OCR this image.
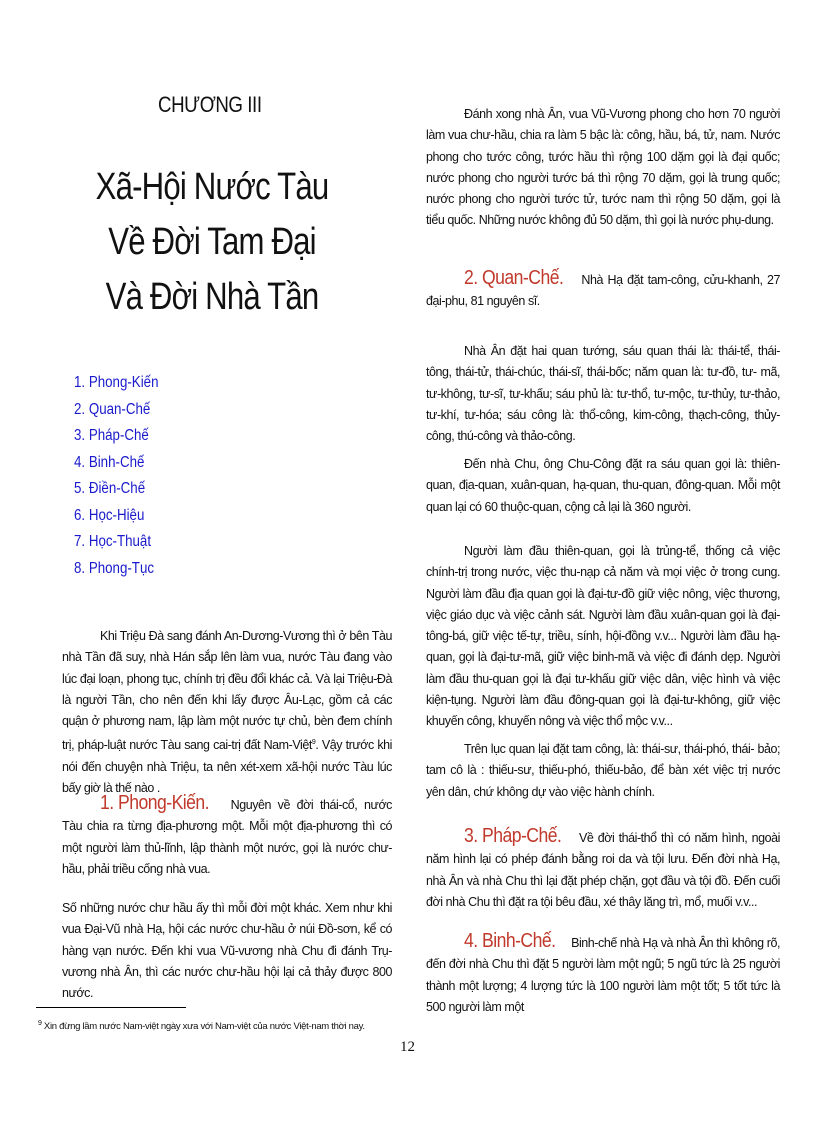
CHƯƠNG III
Xã-Hội Nước Tàu
Về Đời Tam Đại
Và Đời Nhà Tần
1. Phong-Kiến
2. Quan-Chế
3. Pháp-Chế
4. Binh-Chế
5. Điền-Chế
6. Học-Hiệu
7. Học-Thuật
8. Phong-Tục

Khi Triệu Đà sang đánh An-Dương-Vương thì ở bên Tàu nhà Tần đã suy, nhà Hán sắp lên làm vua, nước Tàu đang vào lúc đại loạn, phong tục, chính trị đều đổi khác cả. Và lại Triệu-Đà là người Tần, cho nên đến khi lấy được Âu-Lạc, gồm cả các quận ở phương nam, lập làm một nước tự chủ, bèn đem chính trị, pháp-luật nước Tàu sang cai-trị đất Nam-Việt$^9$. Vậy trước khi nói đến chuyện nhà Triệu, ta nên xét-xem xã-hội nước Tàu lúc bấy giờ là thế nào .

1. Phong-Kiến. Nguyên về đời thái-cổ, nước Tàu chia ra từng địa-phương một. Mỗi một địa-phương thì có một người làm thủ-lĩnh, lập thành một nước, gọi là nước chư-hầu, phải triều cống nhà vua.

Số những nước chư hầu ấy thì mỗi đời một khác. Xem như khi vua Đại-Vũ nhà Hạ, hội các nước chư-hầu ở núi Đồ-sơn, kể có hàng vạn nước. Đến khi vua Vũ-vương nhà Chu đi đánh Trụ-vương nhà Ân, thì các nước chư-hầu hội lại cả thảy được 800 nước.

Đánh xong nhà Ân, vua Vũ-Vương phong cho hơn 70 người làm vua chư-hầu, chia ra làm 5 bậc là: công, hầu, bá, tử, nam. Nước phong cho tước công, tước hầu thì rộng 100 dặm gọi là đại quốc; nước phong cho người tước bá thì rộng 70 dặm, gọi là trung quốc; nước phong cho người tước tử, tước nam thì rộng 50 dặm, gọi là tiểu quốc. Những nước không đủ 50 dặm, thì gọi là nước phụ-dung.

2. Quan-Chế. Nhà Hạ đặt tam-công, cửu-khanh, 27 đại-phu, 81 nguyên sĩ.

Nhà Ân đặt hai quan tướng, sáu quan thái là: thái-tể, thái-tông, thái-tử, thái-chúc, thái-sĩ, thái-bốc; năm quan là: tư-đồ, tư- mã, tư-không, tư-sĩ, tư-khấu; sáu phủ là: tư-thổ, tư-mộc, tư-thủy, tư-thảo, tư-khí, tư-hóa; sáu công là: thổ-công, kim-công, thạch-công, thủy-công, thú-công và thảo-công.

Đến nhà Chu, ông Chu-Công đặt ra sáu quan gọi là: thiên-quan, địa-quan, xuân-quan, hạ-quan, thu-quan, đông-quan. Mỗi một quan lại có 60 thuộc-quan, cộng cả lại là 360 người.

Người làm đầu thiên-quan, gọi là trủng-tể, thống cả việc chính-trị trong nước, việc thu-nạp cả năm và mọi việc ở trong cung. Người làm đầu địa quan gọi là đại-tư-đồ giữ việc nông, việc thương, việc giáo dục và việc cảnh sát. Người làm đầu xuân-quan gọi là đại-tông-bá, giữ việc tế-tự, triều, sính, hội-đồng v.v... Người làm đầu hạ-quan, gọi là đại-tư-mã, giữ việc binh-mã và việc đi đánh dẹp. Người làm đầu thu-quan gọi là đại tư-khấu giữ việc dân, việc hình và việc kiện-tụng. Người làm đầu đông-quan gọi là đại-tư-không, giữ việc khuyến công, khuyến nông và việc thổ mộc v.v...

Trên lục quan lại đặt tam công, là: thái-sư, thái-phó, thái- bảo; tam cô là : thiếu-sư, thiếu-phó, thiếu-bảo, để bàn xét việc trị nước yên dân, chứ không dự vào việc hành chính.

3. Pháp-Chế. Về đời thái-thổ thì có năm hình, ngoài năm hình lại có phép đánh bằng roi da và tội lưu. Đến đời nhà Hạ, nhà Ân và nhà Chu thì lại đặt phép chặn, gọt đầu và tội đồ. Đến cuối đời nhà Chu thì đặt ra tội bêu đầu, xé thây lăng trì, mổ, muối v.v...

4. Binh-Chế. Binh-chế nhà Hạ và nhà Ân thì không rõ, đến đời nhà Chu thì đặt 5 người làm một ngũ; 5 ngũ tức là 25 người thành một lượng; 4 lượng tức là 100 người làm một tốt; 5 tốt tức là 500 người làm một

$^9$ Xin đừng lầm nước Nam-việt ngày xưa với Nam-việt của nước Việt-nam thời nay.
12
